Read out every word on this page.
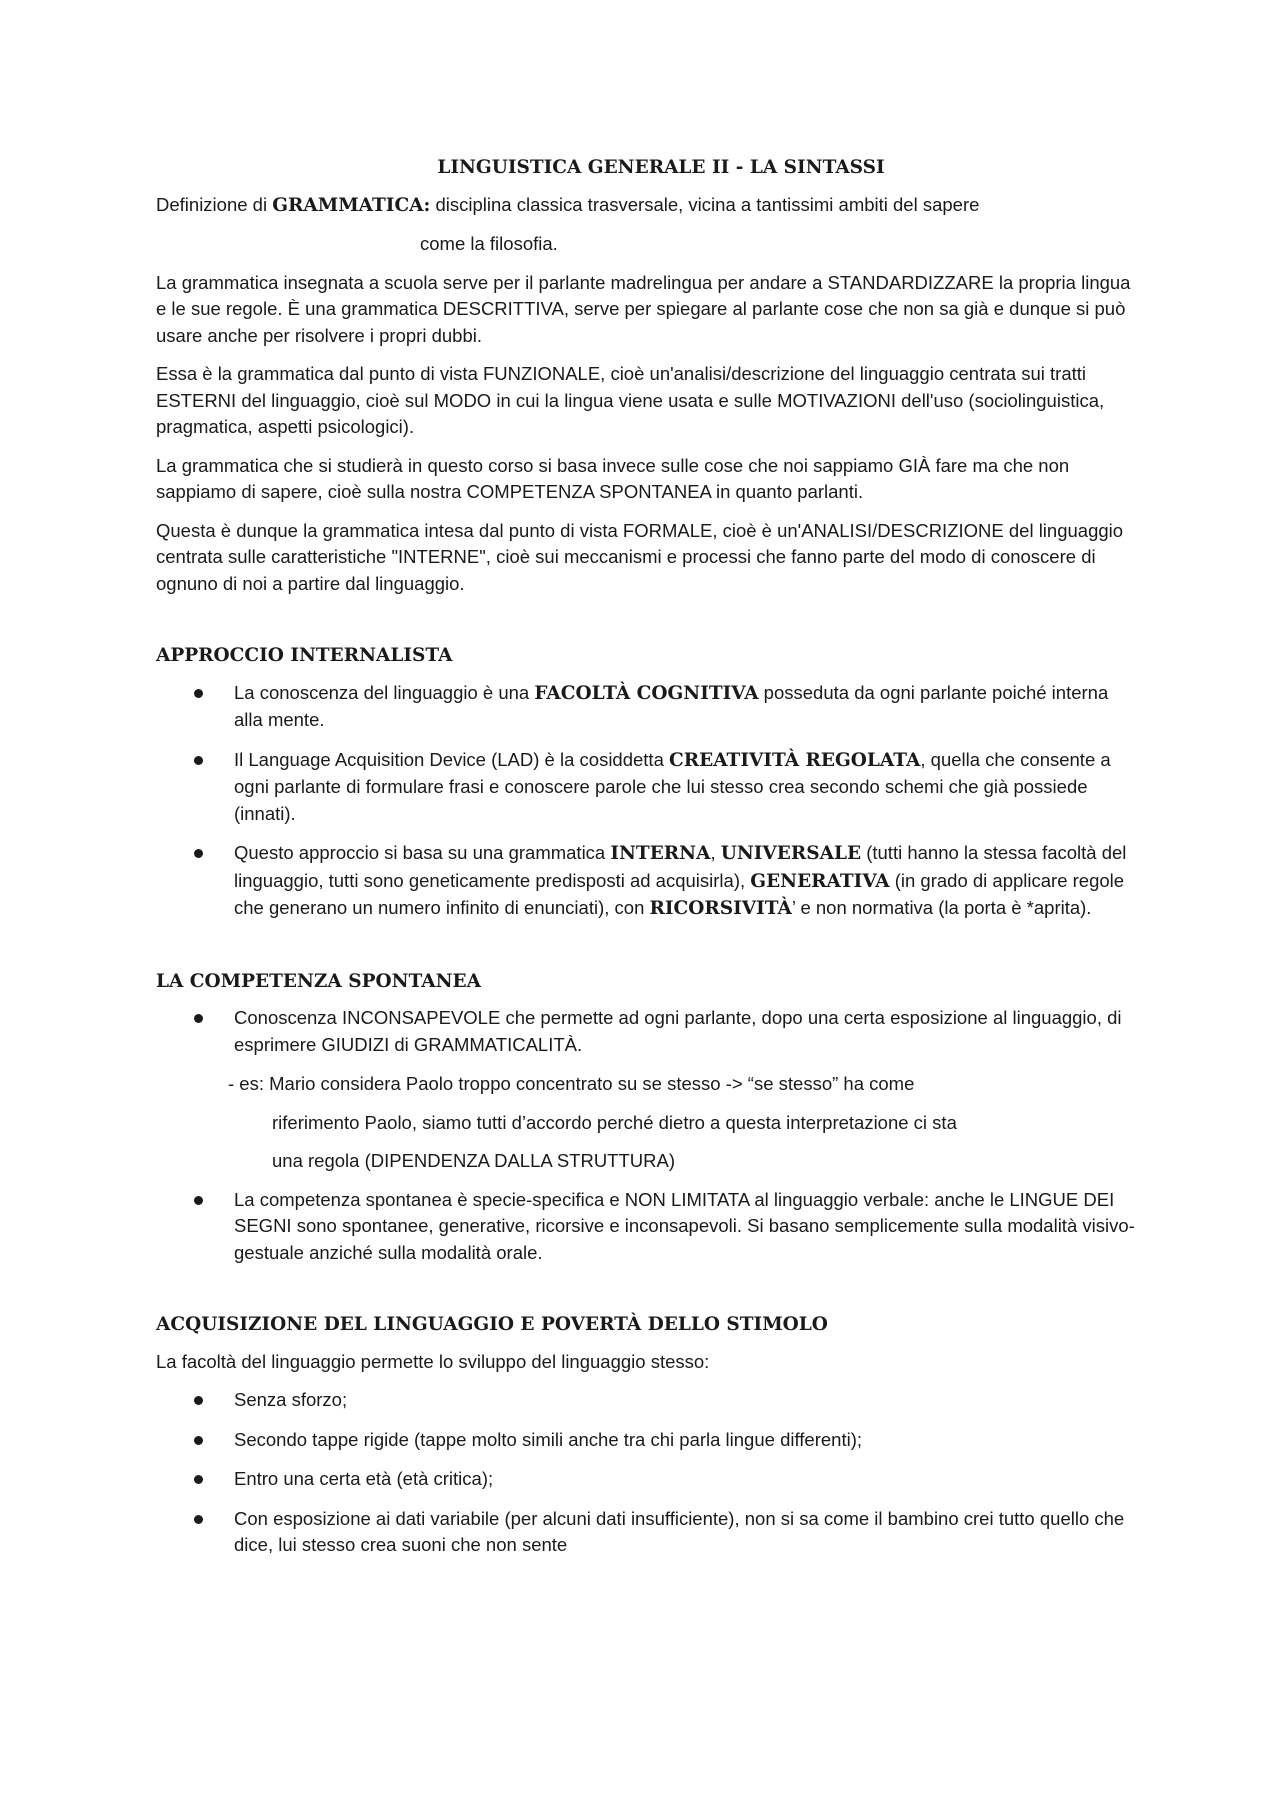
LINGUISTICA GENERALE II - LA SINTASSI

Definizione di GRAMMATICA: disciplina classica trasversale, vicina a tantissimi ambiti del sapere

come la filosofia.

La grammatica insegnata a scuola serve per il parlante madrelingua per andare a STANDARDIZZARE la propria lingua e le sue regole. È una grammatica DESCRITTIVA, serve per spiegare al parlante cose che non sa già e dunque si può usare anche per risolvere i propri dubbi.

Essa è la grammatica dal punto di vista FUNZIONALE, cioè un'analisi/descrizione del linguaggio centrata sui tratti ESTERNI del linguaggio, cioè sul MODO in cui la lingua viene usata e sulle MOTIVAZIONI dell'uso (sociolinguistica, pragmatica, aspetti psicologici).

La grammatica che si studierà in questo corso si basa invece sulle cose che noi sappiamo GIÀ fare ma che non sappiamo di sapere, cioè sulla nostra COMPETENZA SPONTANEA in quanto parlanti.

Questa è dunque la grammatica intesa dal punto di vista FORMALE, cioè è un'ANALISI/DESCRIZIONE del linguaggio centrata sulle caratteristiche "INTERNE", cioè sui meccanismi e processi che fanno parte del modo di conoscere di ognuno di noi a partire dal linguaggio.

APPROCCIO INTERNALISTA
La conoscenza del linguaggio è una FACOLTÀ COGNITIVA posseduta da ogni parlante poiché interna alla mente.
Il Language Acquisition Device (LAD) è la cosiddetta CREATIVITÀ REGOLATA, quella che consente a ogni parlante di formulare frasi e conoscere parole che lui stesso crea secondo schemi che già possiede (innati).
Questo approccio si basa su una grammatica INTERNA, UNIVERSALE (tutti hanno la stessa facoltà del linguaggio, tutti sono geneticamente predisposti ad acquisirla), GENERATIVA (in grado di applicare regole che generano un numero infinito di enunciati), con RICORSIVITÀ’ e non normativa (la porta è *aprita).
LA COMPETENZA SPONTANEA
Conoscenza INCONSAPEVOLE che permette ad ogni parlante, dopo una certa esposizione al linguaggio, di esprimere GIUDIZI di GRAMMATICALITÀ.

- es: Mario considera Paolo troppo concentrato su se stesso -> “se stesso” ha come

riferimento Paolo, siamo tutti d’accordo perché dietro a questa interpretazione ci sta

una regola (DIPENDENZA DALLA STRUTTURA)

La competenza spontanea è specie-specifica e NON LIMITATA al linguaggio verbale: anche le LINGUE DEI SEGNI sono spontanee, generative, ricorsive e inconsapevoli. Si basano semplicemente sulla modalità visivo-gestuale anziché sulla modalità orale.
ACQUISIZIONE DEL LINGUAGGIO E POVERTÀ DELLO STIMOLO

La facoltà del linguaggio permette lo sviluppo del linguaggio stesso:

Senza sforzo;
Secondo tappe rigide (tappe molto simili anche tra chi parla lingue differenti);
Entro una certa età (età critica);
Con esposizione ai dati variabile (per alcuni dati insufficiente), non si sa come il bambino crei tutto quello che dice, lui stesso crea suoni che non sente
